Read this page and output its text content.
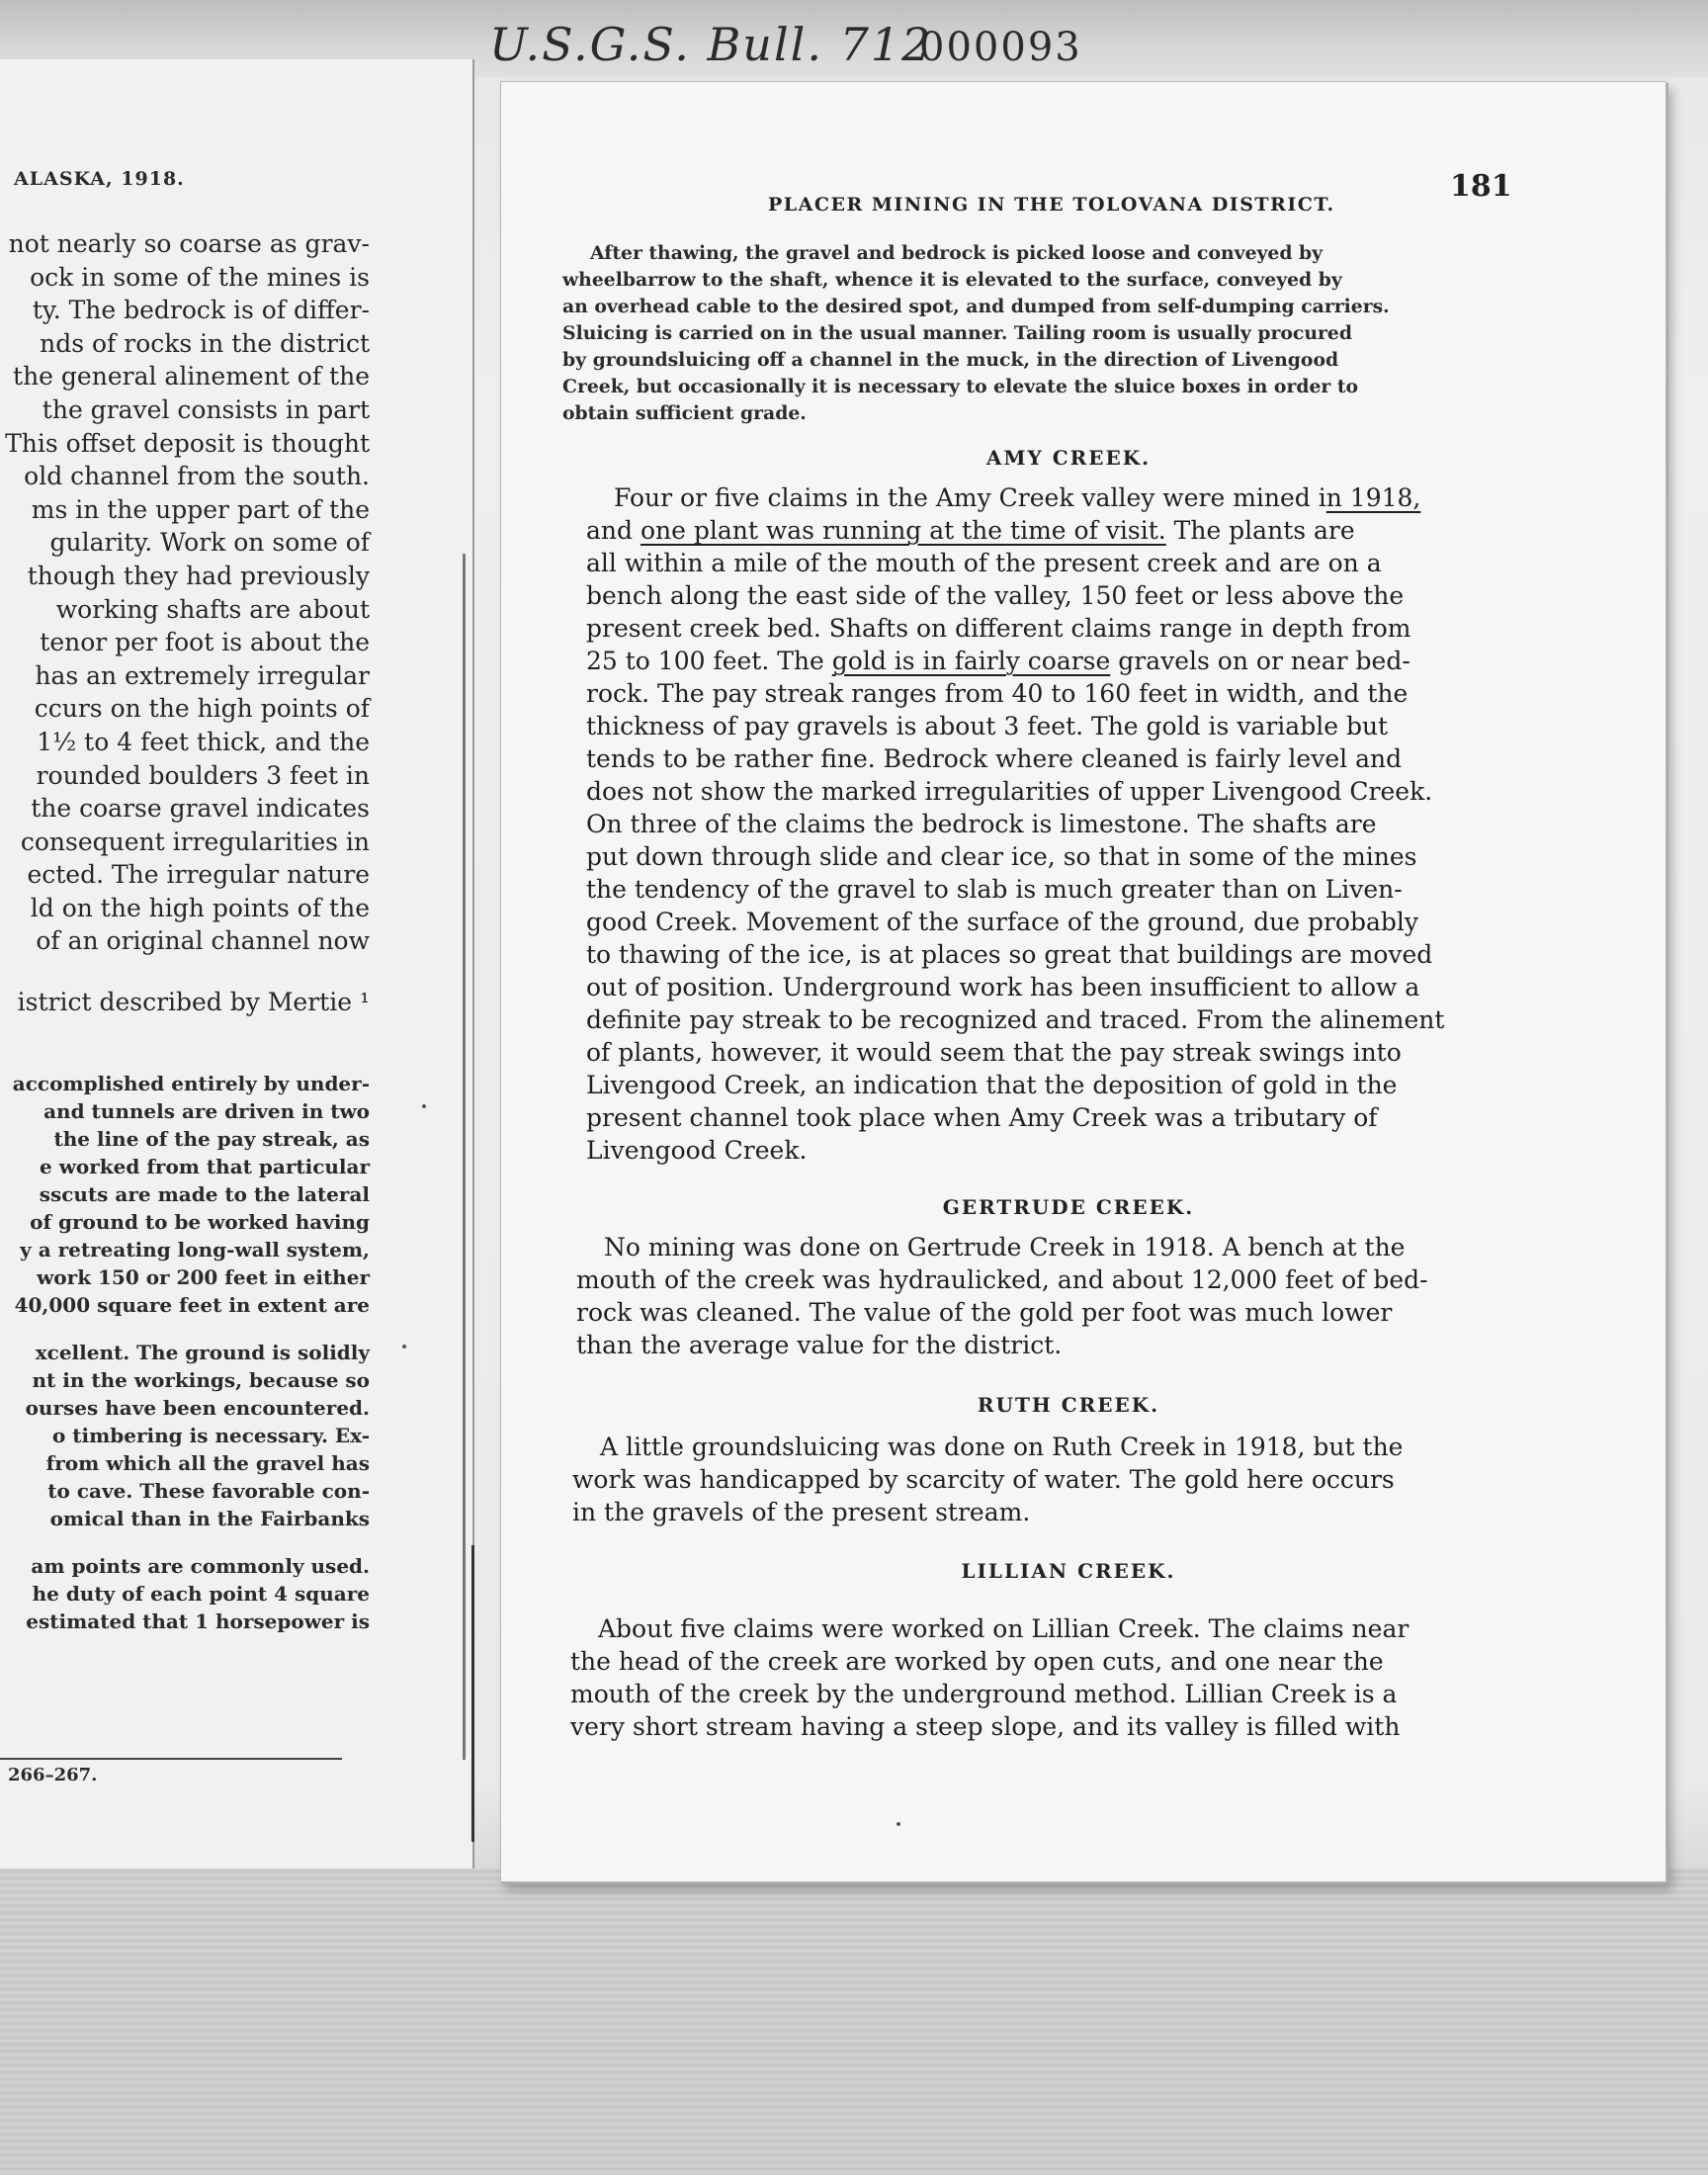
U.S.G.S. Bull. 712 000093
ALASKA, 1918.
not nearly so coarse as grav-
ock in some of the mines is
ty. The bedrock is of differ-
nds of rocks in the district
the general alinement of the
the gravel consists in part
This offset deposit is thought
old channel from the south.
ms in the upper part of the
gularity. Work on some of
though they had previously
working shafts are about
tenor per foot is about the
has an extremely irregular
ccurs on the high points of
1½ to 4 feet thick, and the
rounded boulders 3 feet in
the coarse gravel indicates
consequent irregularities in
ected. The irregular nature
ld on the high points of the
of an original channel now
istrict described by Mertie ¹
accomplished entirely by under-
and tunnels are driven in two
the line of the pay streak, as
e worked from that particular
sscuts are made to the lateral
of ground to be worked having
y a retreating long-wall system,
work 150 or 200 feet in either
40,000 square feet in extent are
xcellent. The ground is solidly
nt in the workings, because so
ourses have been encountered.
o timbering is necessary. Ex-
from which all the gravel has
to cave. These favorable con-
omical than in the Fairbanks
am points are commonly used.
he duty of each point 4 square
estimated that 1 horsepower is
266–267.
PLACER MINING IN THE TOLOVANA DISTRICT.
181
After thawing, the gravel and bedrock is picked loose and conveyed by
wheelbarrow to the shaft, whence it is elevated to the surface, conveyed by
an overhead cable to the desired spot, and dumped from self-dumping carriers.
Sluicing is carried on in the usual manner. Tailing room is usually procured
by groundsluicing off a channel in the muck, in the direction of Livengood
Creek, but occasionally it is necessary to elevate the sluice boxes in order to
obtain sufficient grade.
AMY CREEK.
Four or five claims in the Amy Creek valley were mined in 1918,
and one plant was running at the time of visit. The plants are
all within a mile of the mouth of the present creek and are on a
bench along the east side of the valley, 150 feet or less above the
present creek bed. Shafts on different claims range in depth from
25 to 100 feet. The gold is in fairly coarse gravels on or near bed-
rock. The pay streak ranges from 40 to 160 feet in width, and the
thickness of pay gravels is about 3 feet. The gold is variable but
tends to be rather fine. Bedrock where cleaned is fairly level and
does not show the marked irregularities of upper Livengood Creek.
On three of the claims the bedrock is limestone. The shafts are
put down through slide and clear ice, so that in some of the mines
the tendency of the gravel to slab is much greater than on Liven-
good Creek. Movement of the surface of the ground, due probably
to thawing of the ice, is at places so great that buildings are moved
out of position. Underground work has been insufficient to allow a
definite pay streak to be recognized and traced. From the alinement
of plants, however, it would seem that the pay streak swings into
Livengood Creek, an indication that the deposition of gold in the
present channel took place when Amy Creek was a tributary of
Livengood Creek.
GERTRUDE CREEK.
No mining was done on Gertrude Creek in 1918. A bench at the
mouth of the creek was hydraulicked, and about 12,000 feet of bed-
rock was cleaned. The value of the gold per foot was much lower
than the average value for the district.
RUTH CREEK.
A little groundsluicing was done on Ruth Creek in 1918, but the
work was handicapped by scarcity of water. The gold here occurs
in the gravels of the present stream.
LILLIAN CREEK.
About five claims were worked on Lillian Creek. The claims near
the head of the creek are worked by open cuts, and one near the
mouth of the creek by the underground method. Lillian Creek is a
very short stream having a steep slope, and its valley is filled with
